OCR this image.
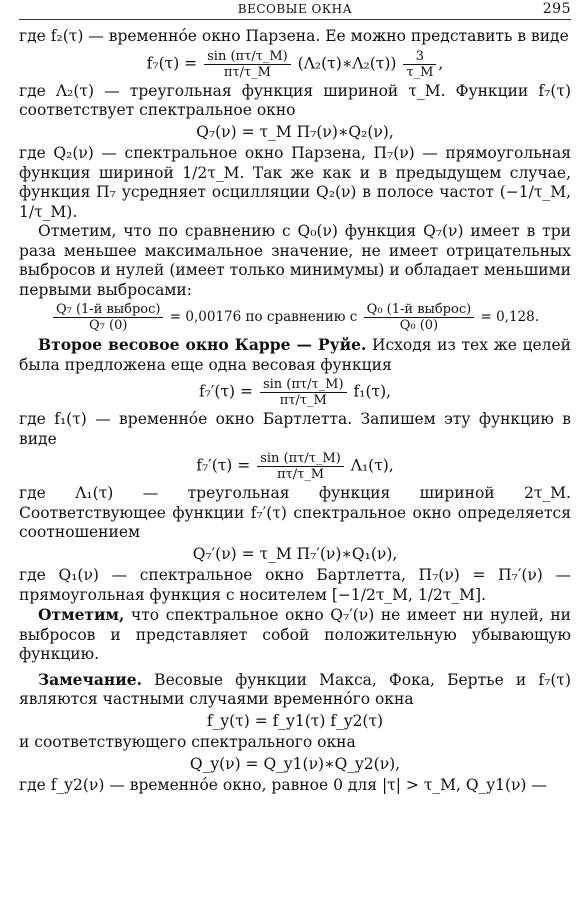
ВЕСОВЫЕ ОКНА	295

где f₂(τ) — временнóе окно Парзена. Ее можно представить в виде

$f_7(\tau) = \frac{\sin (\pi\tau/\tau\_M)}{\pi\tau/\tau\_M}$ (Λ₂(τ)∗Λ₂(τ)) $\frac{3}{\tau\_M}$ ,

где Λ₂(τ) — треугольная функция шириной τ_M. Функции f₇(τ) соответствует спектральное окно

Q₇(ν) = τ_M Π₇(ν)∗Q₂(ν),

где Q₂(ν) — спектральное окно Парзена, Π₇(ν) — прямоугольная функция шириной 1/2τ_M. Так же как и в предыдущем случае, функция Π₇ усредняет осцилляции Q₂(ν) в полосе частот (−1/τ_M, 1/τ_M).

Отметим, что по сравнению с Q₀(ν) функция Q₇(ν) имеет в три раза меньшее максимальное значение, не имеет отрицательных выбросов и нулей (имеет только минимумы) и обладает меньшими первыми выбросами:

$\frac{\text{Q₇ (1-й выброс)}}{\text{Q₇ (0)}} = 0,00176$ по сравнению с $\frac{\text{Q₀ (1-й выброс)}}{\text{Q₀ (0)}} = 0,128$.

Второе весовое окно Карре — Руйе. Исходя из тех же целей была предложена еще одна весовая функция

$f_7'(\tau) = \frac{\sin (\pi\tau/\tau\_M)}{\pi\tau/\tau\_M} f_1(\tau)$,

где f₁(τ) — временнóе окно Бартлетта. Запишем эту функцию в виде

$f_7'(\tau) = \frac{\sin (\pi\tau/\tau\_M)}{\pi\tau/\tau\_M} \Lambda_1(\tau)$,

где Λ₁(τ) — треугольная функция шириной 2τ_M. Соответствующее функции f₇′(τ) спектральное окно определяется соотношением

Q₇′(ν) = τ_M Π₇′(ν)∗Q₁(ν),

где Q₁(ν) — спектральное окно Бартлетта, Π₇(ν) = Π₇′(ν) — прямоугольная функция с носителем [−1/2τ_M, 1/2τ_M].

Отметим, что спектральное окно Q₇′(ν) не имеет ни нулей, ни выбросов и представляет собой положительную убывающую функцию.

Замечание. Весовые функции Макса, Фока, Бертье и f₇(τ) являются частными случаями временнóго окна

f_y(τ) = f_y1(τ) f_y2(τ)

и соответствующего спектрального окна

Q_y(ν) = Q_y1(ν)∗Q_y2(ν),

где f_y2(ν) — временнóе окно, равное 0 для |τ| > τ_M, Q_y1(ν) —
